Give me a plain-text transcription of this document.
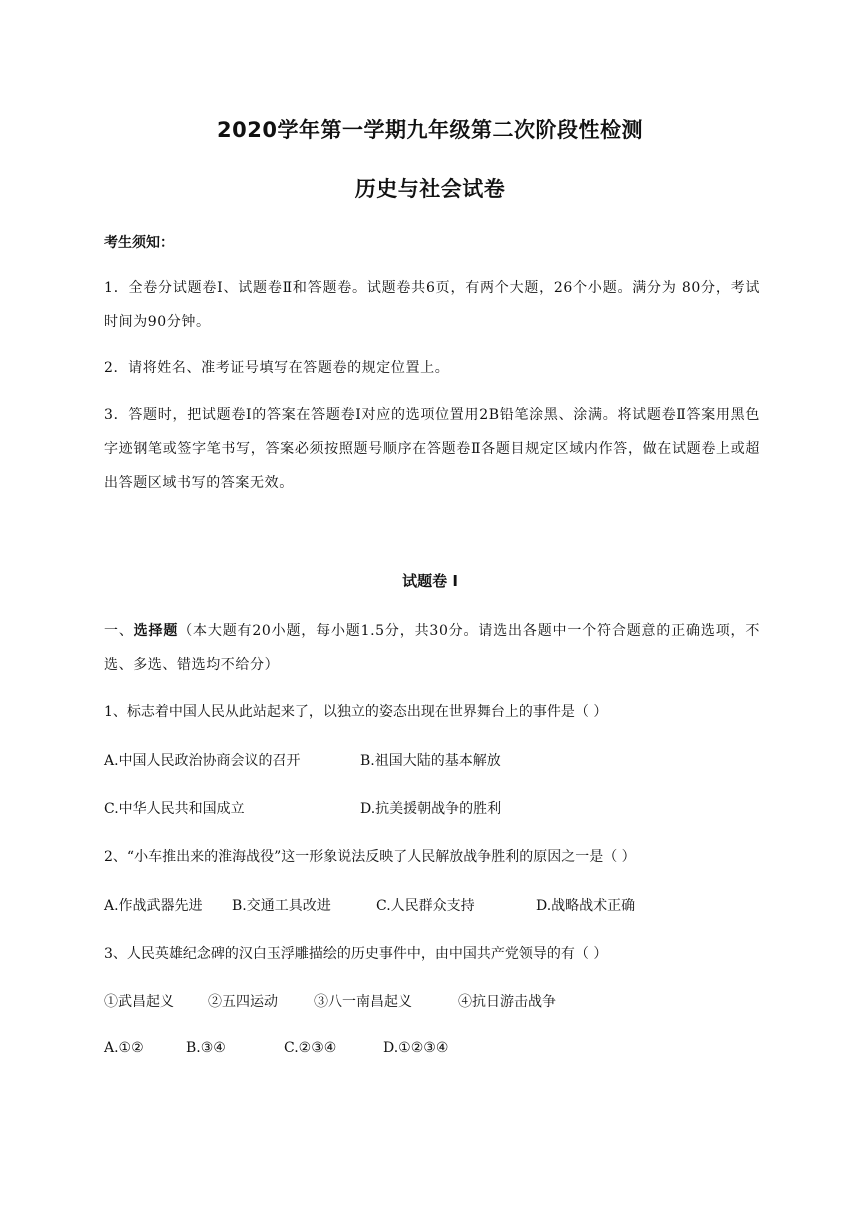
2020学年第一学期九年级第二次阶段性检测
历史与社会试卷
考生须知：
1．全卷分试题卷Ⅰ、试题卷Ⅱ和答题卷。试题卷共6页，有两个大题，26个小题。满分为 80分，考试时间为90分钟。
2．请将姓名、准考证号填写在答题卷的规定位置上。
3．答题时，把试题卷Ⅰ的答案在答题卷Ⅰ对应的选项位置用2B铅笔涂黑、涂满。将试题卷Ⅱ答案用黑色字迹钢笔或签字笔书写，答案必须按照题号顺序在答题卷Ⅱ各题目规定区域内作答，做在试题卷上或超出答题区域书写的答案无效。
试题卷 Ⅰ
一、选择题（本大题有20小题，每小题1.5分，共30分。请选出各题中一个符合题意的正确选项，不选、多选、错选均不给分）
1、标志着中国人民从此站起来了，以独立的姿态出现在世界舞台上的事件是（ ）
A.中国人民政治协商会议的召开	B.祖国大陆的基本解放
C.中华人民共和国成立	D.抗美援朝战争的胜利
2、“小车推出来的淮海战役”这一形象说法反映了人民解放战争胜利的原因之一是（ ）
A.作战武器先进 B.交通工具改进	C.人民群众支持	D.战略战术正确
3、人民英雄纪念碑的汉白玉浮雕描绘的历史事件中，由中国共产党领导的有（ ）
①武昌起义 ②五四运动	③八一南昌起义	④抗日游击战争
A.①②	B.③④	C.②③④	D.①②③④
